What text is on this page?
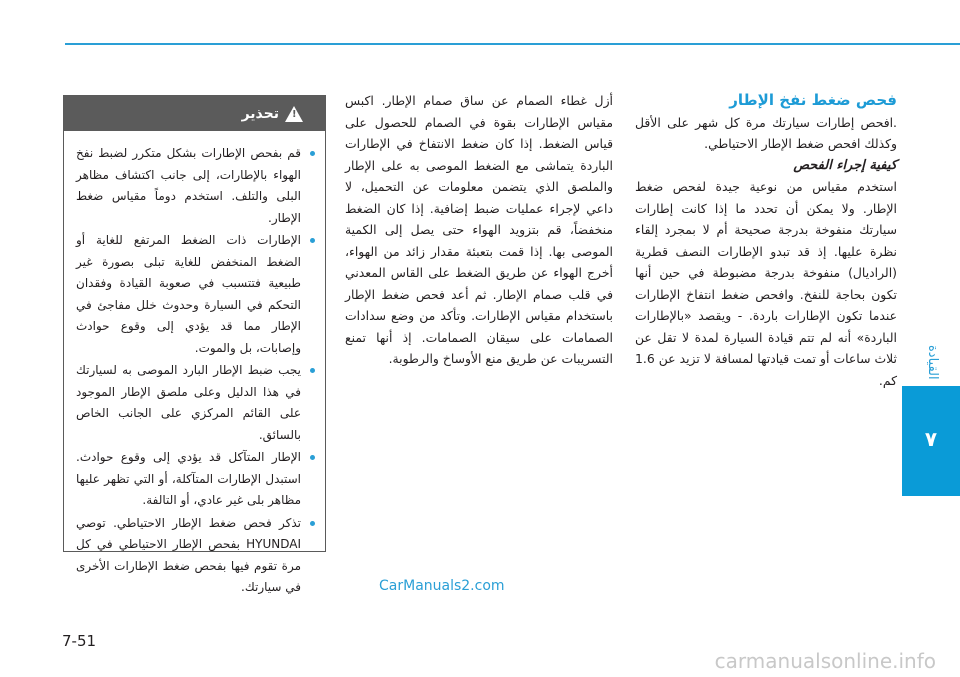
القيادة
٧

فحص ضغط نفخ الإطار

.افحص إطارات سيارتك مرة كل شهر على الأقل وكذلك افحص ضغط الإطار الاحتياطي.

كيفية إجراء الفحص

استخدم مقياس من نوعية جيدة لفحص ضغط الإطار. ولا يمكن أن تحدد ما إذا كانت إطارات سيارتك منفوخة بدرجة صحيحة أم لا بمجرد إلقاء نظرة عليها. إذ قد تبدو الإطارات النصف قطرية (الراديال) منفوخة بدرجة مضبوطة في حين أنها تكون بحاجة للنفخ. وافحص ضغط انتفاخ الإطارات عندما تكون الإطارات باردة. - ويقصد «بالإطارات الباردة» أنه لم تتم قيادة السيارة لمدة لا تقل عن ثلاث ساعات أو تمت قيادتها لمسافة لا تزيد عن 1.6 كم.

أزل غطاء الصمام عن ساق صمام الإطار. اكبس مقياس الإطارات بقوة في الصمام للحصول على قياس الضغط. إذا كان ضغط الانتفاخ في الإطارات الباردة يتماشى مع الضغط الموصى به على الإطار والملصق الذي يتضمن معلومات عن التحميل، لا داعي لإجراء عمليات ضبط إضافية. إذا كان الضغط منخفضاً، قم بتزويد الهواء حتى يصل إلى الكمية الموصى بها. إذا قمت بتعبئة مقدار زائد من الهواء، أخرج الهواء عن طريق الضغط على القاس المعدني في قلب صمام الإطار. ثم أعد فحص ضغط الإطار باستخدام مقياس الإطارات. وتأكد من وضع سدادات الصمامات على سيقان الصمامات. إذ أنها تمنع التسريبات عن طريق منع الأوساخ والرطوبة.

!
تحذير
قم بفحص الإطارات بشكل متكرر لضبط نفخ الهواء بالإطارات، إلى جانب اكتشاف مظاهر البلى والتلف. استخدم دوماً مقياس ضغط الإطار.
الإطارات ذات الضغط المرتفع للغاية أو الضغط المنخفض للغاية تبلى بصورة غير طبيعية فتتسبب في صعوبة القيادة وفقدان التحكم في السيارة وحدوث خلل مفاجئ في الإطار مما قد يؤدي إلى وقوع حوادث وإصابات، بل والموت.
يجب ضبط الإطار البارد الموصى به لسيارتك في هذا الدليل وعلى ملصق الإطار الموجود على القائم المركزي على الجانب الخاص بالسائق.
الإطار المتآكل قد يؤدي إلى وقوع حوادث. استبدل الإطارات المتآكلة، أو التي تظهر عليها مظاهر بلى غير عادي، أو التالفة.
تذكر فحص ضغط الإطار الاحتياطي. توصي HYUNDAI بفحص الإطار الاحتياطي في كل مرة تقوم فيها بفحص ضغط الإطارات الأخرى في سيارتك.	CarManuals2.com
7-51
carmanualsonline.info
